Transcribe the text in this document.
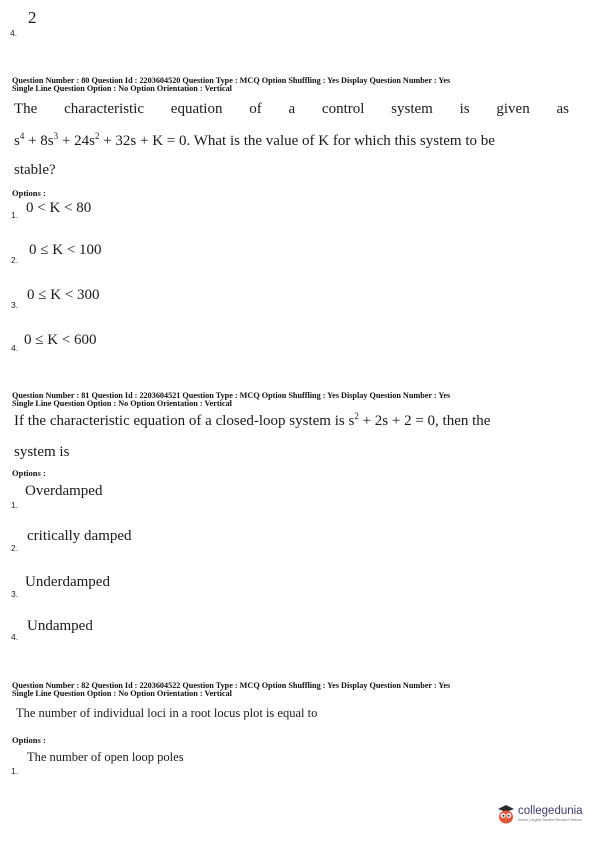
2
4.
Question Number : 80 Question Id : 2203604520 Question Type : MCQ Option Shuffling : Yes Display Question Number : Yes
Single Line Question Option : No Option Orientation : Vertical
The characteristic equation of a control system is given as
$s^4 + 8s^3 + 24s^2 + 32s + K = 0$. What is the value of K for which this system to be
stable?
Options :
1. 0 < K < 80
2.
0 ≤ K < 100
3.
0 ≤ K < 300
4. 0 ≤ K < 600
Question Number : 81 Question Id : 2203604521 Question Type : MCQ Option Shuffling : Yes Display Question Number : Yes
Single Line Question Option : No Option Orientation : Vertical
If the characteristic equation of a closed-loop system is $s^2 + 2s + 2 = 0$, then the
system is
Options :
1.
Overdamped
2.
critically damped
3.
Underdamped
4.
Undamped
Question Number : 82 Question Id : 2203604522 Question Type : MCQ Option Shuffling : Yes Display Question Number : Yes
Single Line Question Option : No Option Orientation : Vertical
The number of individual loci in a root locus plot is equal to
Options :
1.
The number of open loop poles
collegedunia
India's Largest Student Review Platform
